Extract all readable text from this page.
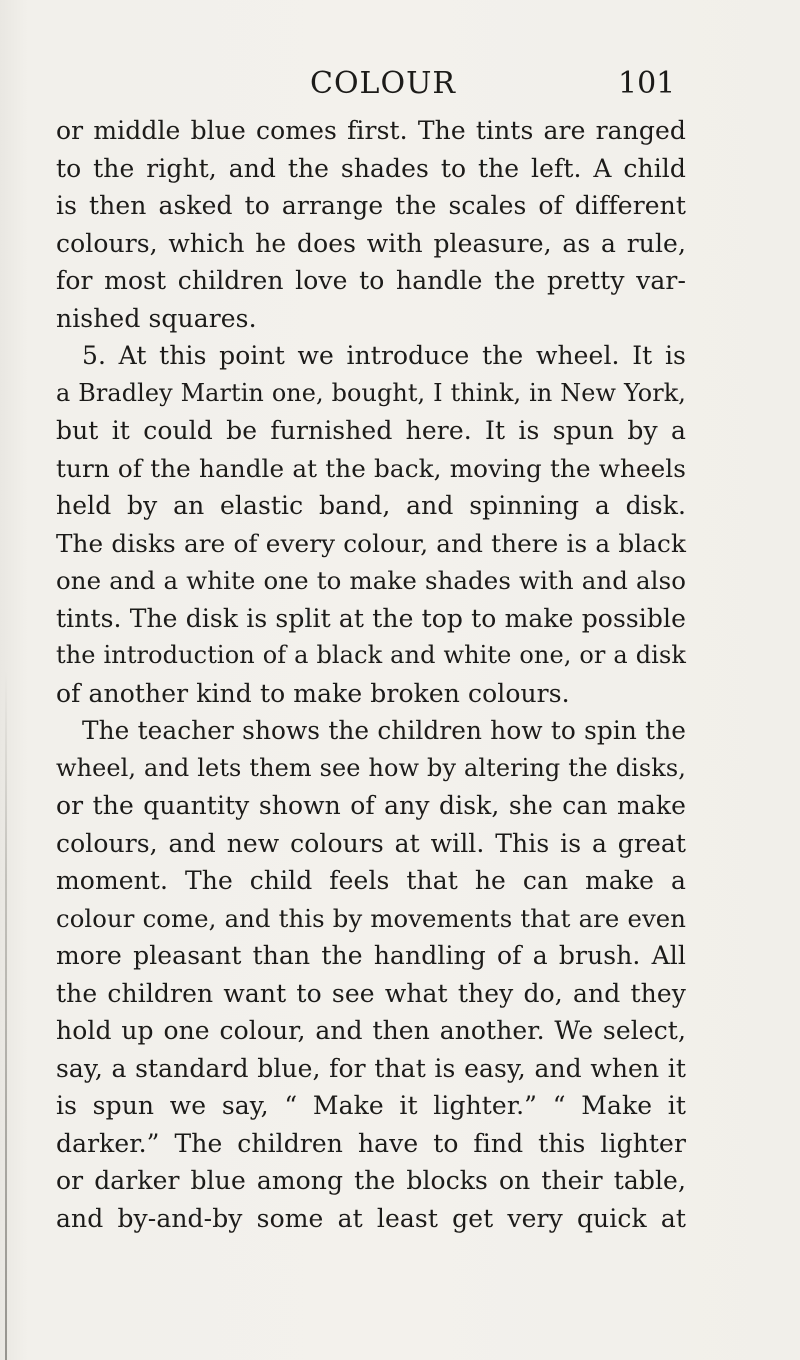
COLOUR	101
or middle blue comes first. The tints are ranged
to the right, and the shades to the left. A child
is then asked to arrange the scales of different
colours, which he does with pleasure, as a rule,
for most children love to handle the pretty var-
nished squares.
5. At this point we introduce the wheel. It is
a Bradley Martin one, bought, I think, in New York,
but it could be furnished here. It is spun by a
turn of the handle at the back, moving the wheels
held by an elastic band, and spinning a disk.
The disks are of every colour, and there is a black
one and a white one to make shades with and also
tints. The disk is split at the top to make possible
the introduction of a black and white one, or a disk
of another kind to make broken colours.
The teacher shows the children how to spin the
wheel, and lets them see how by altering the disks,
or the quantity shown of any disk, she can make
colours, and new colours at will. This is a great
moment. The child feels that he can make a
colour come, and this by movements that are even
more pleasant than the handling of a brush. All
the children want to see what they do, and they
hold up one colour, and then another. We select,
say, a standard blue, for that is easy, and when it
is spun we say, “ Make it lighter.” “ Make it
darker.” The children have to find this lighter
or darker blue among the blocks on their table,
and by-and-by some at least get very quick at
